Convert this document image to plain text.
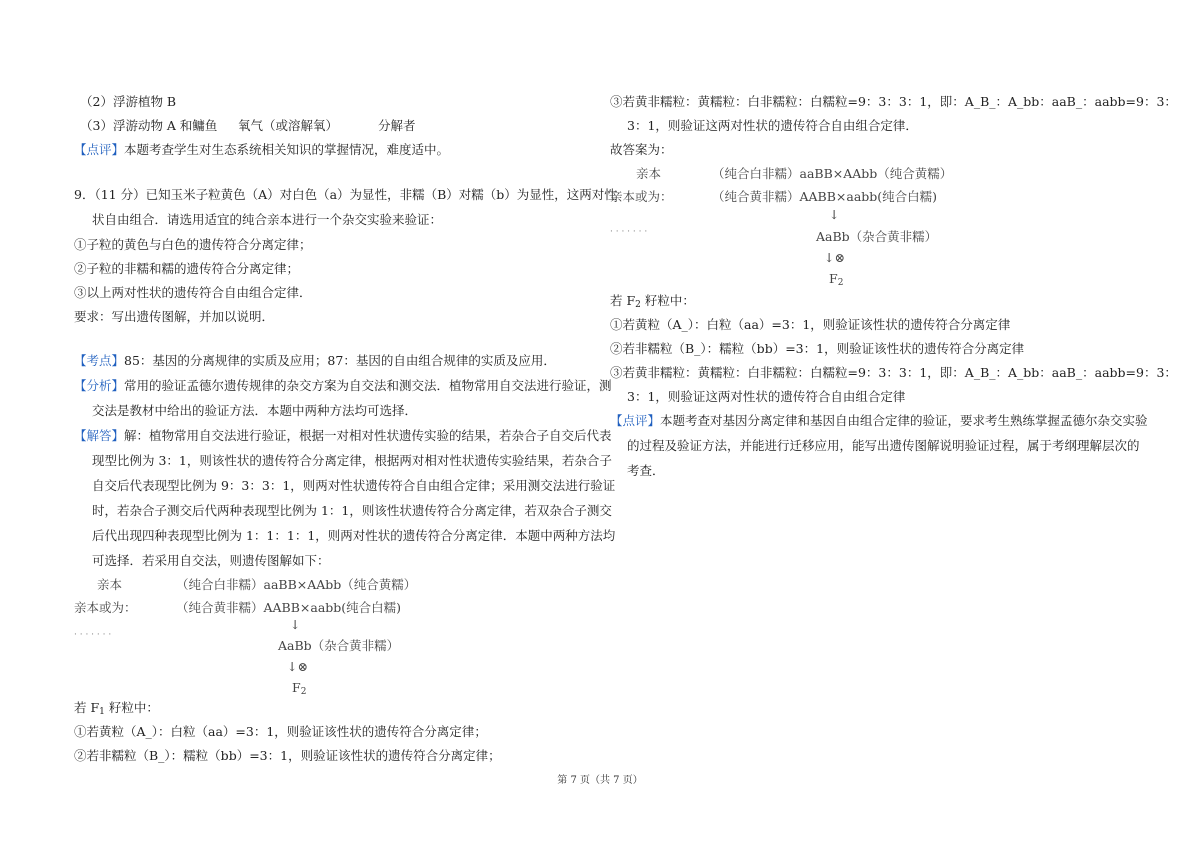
（2）浮游植物 B
（3）浮游动物 A 和鳙鱼 氧气（或溶解氧）	分解者
【点评】本题考查学生对生态系统相关知识的掌握情况，难度适中。
9．（11 分）已知玉米子粒黄色（A）对白色（a）为显性，非糯（B）对糯（b）为显性，这两对性
状自由组合．请选用适宜的纯合亲本进行一个杂交实验来验证：
①子粒的黄色与白色的遗传符合分离定律；
②子粒的非糯和糯的遗传符合分离定律；
③以上两对性状的遗传符合自由组合定律．
要求：写出遗传图解，并加以说明．
【考点】85：基因的分离规律的实质及应用；87：基因的自由组合规律的实质及应用．
【分析】常用的验证孟德尔遗传规律的杂交方案为自交法和测交法．植物常用自交法进行验证，测
交法是教材中给出的验证方法．本题中两种方法均可选择．
【解答】解：植物常用自交法进行验证，根据一对相对性状遗传实验的结果，若杂合子自交后代表
现型比例为 3：1，则该性状的遗传符合分离定律，根据两对相对性状遗传实验结果，若杂合子
自交后代表现型比例为 9：3：3：1，则两对性状遗传符合自由组合定律；采用测交法进行验证
时，若杂合子测交后代两种表现型比例为 1：1，则该性状遗传符合分离定律，若双杂合子测交
后代出现四种表现型比例为 1：1：1：1，则两对性状的遗传符合分离定律．本题中两种方法均
可选择．若采用自交法，则遗传图解如下：
亲本	（纯合白非糯）aaBB×AAbb（纯合黄糯）
亲本或为：	（纯合黄非糯）AABB×aabb(纯合白糯)
↓
· · · · · · ·
AaBb（杂合黄非糯）
↓⊗
$F_2$
若 $F_1$ 籽粒中：
①若黄粒（A_）：白粒（aa）=3：1，则验证该性状的遗传符合分离定律；
②若非糯粒（B_）：糯粒（bb）=3：1，则验证该性状的遗传符合分离定律；
③若黄非糯粒：黄糯粒：白非糯粒：白糯粒=9：3：3：1，即：A_B_：A_bb：aaB_：aabb=9：3：
3：1，则验证这两对性状的遗传符合自由组合定律．
故答案为：
亲本	（纯合白非糯）aaBB×AAbb（纯合黄糯）
亲本或为：	（纯合黄非糯）AABB×aabb(纯合白糯)
↓
· · · · · · ·	AaBb（杂合黄非糯）
↓⊗
$F_2$
若 $F_2$ 籽粒中：
①若黄粒（A_）：白粒（aa）=3：1，则验证该性状的遗传符合分离定律
②若非糯粒（B_）：糯粒（bb）=3：1，则验证该性状的遗传符合分离定律
③若黄非糯粒：黄糯粒：白非糯粒：白糯粒=9：3：3：1，即：A_B_：A_bb：aaB_：aabb=9：3：
3：1，则验证这两对性状的遗传符合自由组合定律
【点评】本题考查对基因分离定律和基因自由组合定律的验证，要求考生熟练掌握孟德尔杂交实验
的过程及验证方法，并能进行迁移应用，能写出遗传图解说明验证过程，属于考纲理解层次的
考查．
第 7 页（共 7 页）
